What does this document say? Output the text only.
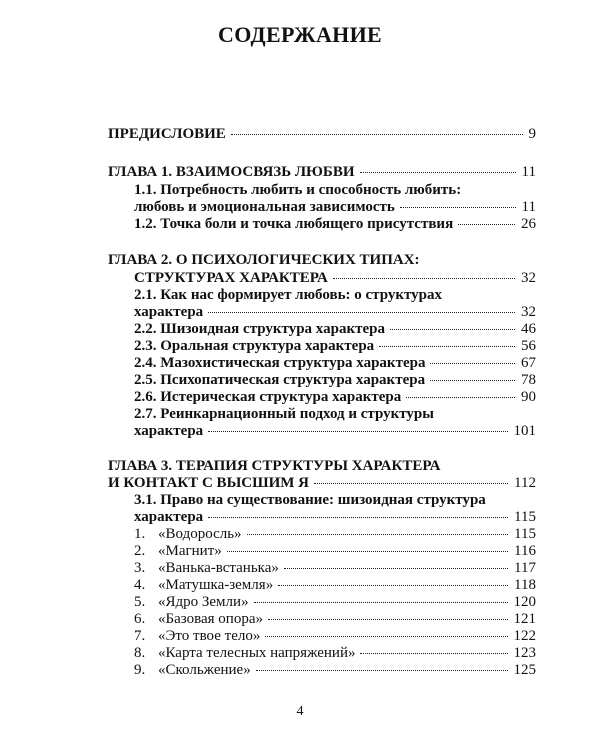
СОДЕРЖАНИЕ
ПРЕДИСЛОВИЕ	9
ГЛАВА 1. ВЗАИМОСВЯЗЬ ЛЮБВИ	11
1.1. Потребность любить и способность любить:
любовь и эмоциональная зависимость	11
1.2. Точка боли и точка любящего присутствия	26
ГЛАВА 2. О ПСИХОЛОГИЧЕСКИХ ТИПАХ:
СТРУКТУРАХ ХАРАКТЕРА	32
2.1. Как нас формирует любовь: о структурах
характера	32
2.2. Шизоидная структура характера	46
2.3. Оральная структура характера	56
2.4. Мазохистическая структура характера	67
2.5. Психопатическая структура характера	78
2.6. Истерическая структура характера	90
2.7. Реинкарнационный подход и структуры
характера	101
ГЛАВА 3. ТЕРАПИЯ СТРУКТУРЫ ХАРАКТЕРА
И КОНТАКТ С ВЫСШИМ Я	112
3.1. Право на существование: шизоидная структура
характера	115
1. «Водоросль»	115
2. «Магнит»	116
3. «Ванька-встанька»	117
4. «Матушка-земля»	118
5. «Ядро Земли»	120
6. «Базовая опора»	121
7. «Это твое тело»	122
8. «Карта телесных напряжений»	123
9. «Скольжение»	125
4
